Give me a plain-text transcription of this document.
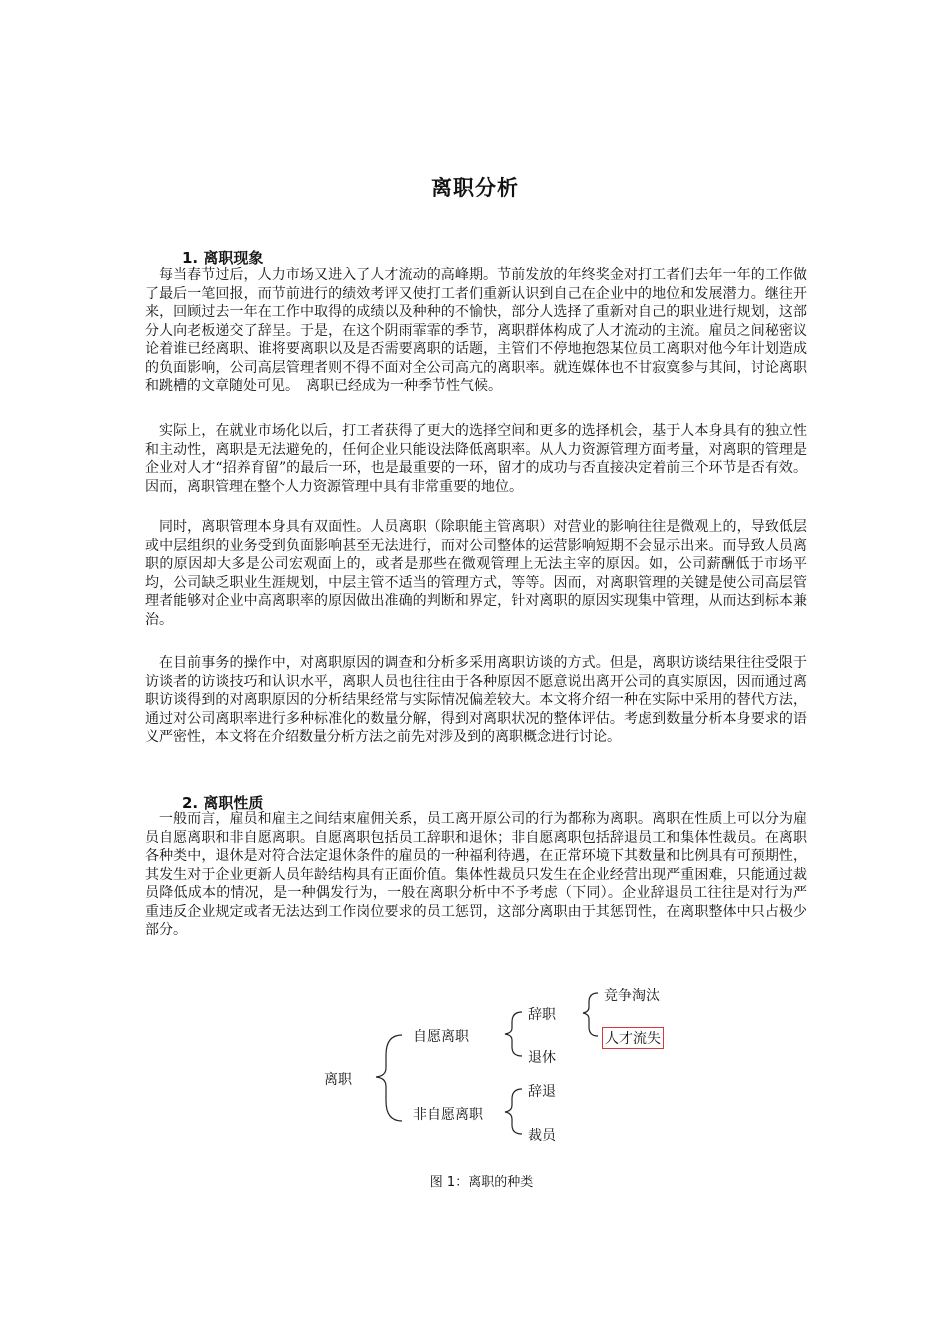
离职分析
1. 离职现象

每当春节过后，人力市场又进入了人才流动的高峰期。节前发放的年终奖金对打工者们去年一年的工作做了最后一笔回报，而节前进行的绩效考评又使打工者们重新认识到自己在企业中的地位和发展潜力。继往开来，回顾过去一年在工作中取得的成绩以及种种的不愉快，部分人选择了重新对自己的职业进行规划，这部分人向老板递交了辞呈。于是，在这个阴雨霏霏的季节，离职群体构成了人才流动的主流。雇员之间秘密议论着谁已经离职、谁将要离职以及是否需要离职的话题，主管们不停地抱怨某位员工离职对他今年计划造成的负面影响，公司高层管理者则不得不面对全公司高亢的离职率。就连媒体也不甘寂寞参与其间，讨论离职和跳槽的文章随处可见。　离职已经成为一种季节性气候。

实际上，在就业市场化以后，打工者获得了更大的选择空间和更多的选择机会，基于人本身具有的独立性和主动性，离职是无法避免的，任何企业只能设法降低离职率。从人力资源管理方面考量，对离职的管理是企业对人才“招养育留”的最后一环，也是最重要的一环，留才的成功与否直接决定着前三个环节是否有效。因而，离职管理在整个人力资源管理中具有非常重要的地位。

同时，离职管理本身具有双面性。人员离职（除职能主管离职）对营业的影响往往是微观上的，导致低层或中层组织的业务受到负面影响甚至无法进行，而对公司整体的运营影响短期不会显示出来。而导致人员离职的原因却大多是公司宏观面上的，或者是那些在微观管理上无法主宰的原因。如，公司薪酬低于市场平均，公司缺乏职业生涯规划，中层主管不适当的管理方式，等等。因而，对离职管理的关键是使公司高层管理者能够对企业中高离职率的原因做出准确的判断和界定，针对离职的原因实现集中管理，从而达到标本兼治。

在目前事务的操作中，对离职原因的调查和分析多采用离职访谈的方式。但是，离职访谈结果往往受限于访谈者的访谈技巧和认识水平，离职人员也往往由于各种原因不愿意说出离开公司的真实原因，因而通过离职访谈得到的对离职原因的分析结果经常与实际情况偏差较大。本文将介绍一种在实际中采用的替代方法，通过对公司离职率进行多种标准化的数量分解，得到对离职状况的整体评估。考虑到数量分析本身要求的语义严密性，本文将在介绍数量分析方法之前先对涉及到的离职概念进行讨论。

2. 离职性质

一般而言，雇员和雇主之间结束雇佣关系，员工离开原公司的行为都称为离职。离职在性质上可以分为雇员自愿离职和非自愿离职。自愿离职包括员工辞职和退休；非自愿离职包括辞退员工和集体性裁员。在离职各种类中，退休是对符合法定退休条件的雇员的一种福利待遇，在正常环境下其数量和比例具有可预期性，其发生对于企业更新人员年龄结构具有正面价值。集体性裁员只发生在企业经营出现严重困难，只能通过裁员降低成本的情况，是一种偶发行为，一般在离职分析中不予考虑（下同）。企业辞退员工往往是对行为严重违反企业规定或者无法达到工作岗位要求的员工惩罚，这部分离职由于其惩罚性，在离职整体中只占极少部分。

离职
自愿离职
非自愿离职
辞职
退休
辞退
裁员
竞争淘汰
人才流失
图 1：离职的种类
